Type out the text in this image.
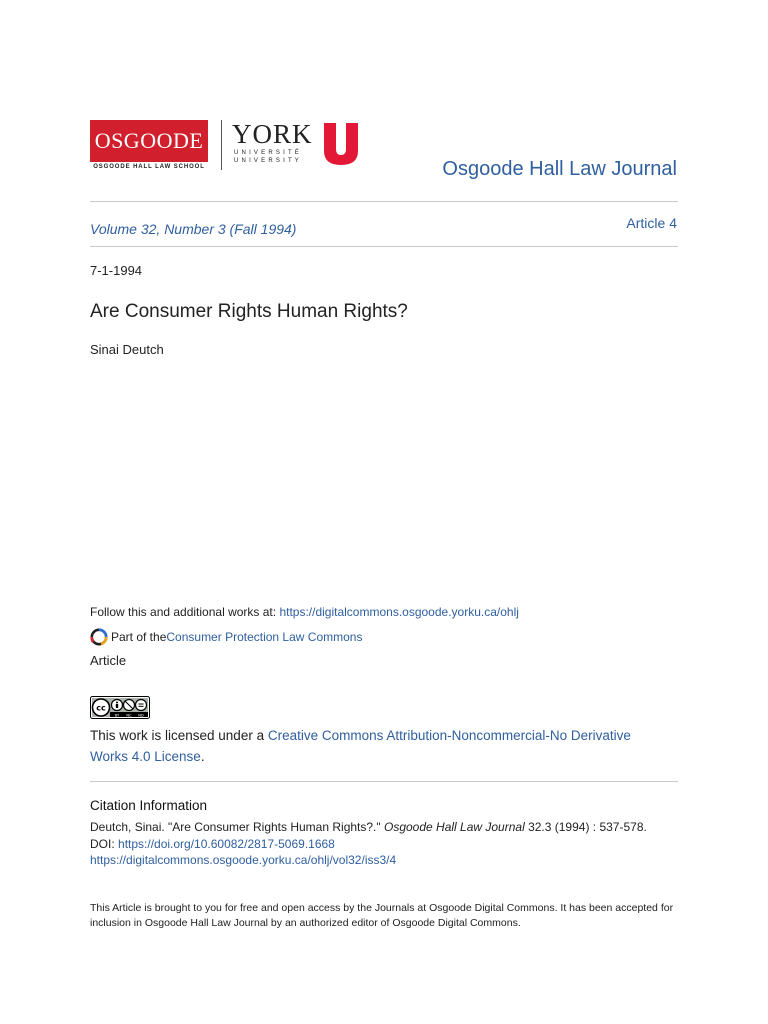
OSGOODE
OSGOODE HALL LAW SCHOOL
YORK
UNIVERSITÉ
UNIVERSITY	Osgoode Hall Law Journal
Volume 32, Number 3 (Fall 1994)	Article 4
7-1-1994
Are Consumer Rights Human Rights?
Sinai Deutch
Follow this and additional works at: https://digitalcommons.osgoode.yorku.ca/ohlj
Part of the Consumer Protection Law Commons
Article
cc
BY NC ND
This work is licensed under a Creative Commons Attribution-Noncommercial-No Derivative Works 4.0 License.
Citation Information
Deutch, Sinai. "Are Consumer Rights Human Rights?." Osgoode Hall Law Journal 32.3 (1994) : 537-578.
DOI: https://doi.org/10.60082/2817-5069.1668
https://digitalcommons.osgoode.yorku.ca/ohlj/vol32/iss3/4
This Article is brought to you for free and open access by the Journals at Osgoode Digital Commons. It has been accepted for inclusion in Osgoode Hall Law Journal by an authorized editor of Osgoode Digital Commons.
